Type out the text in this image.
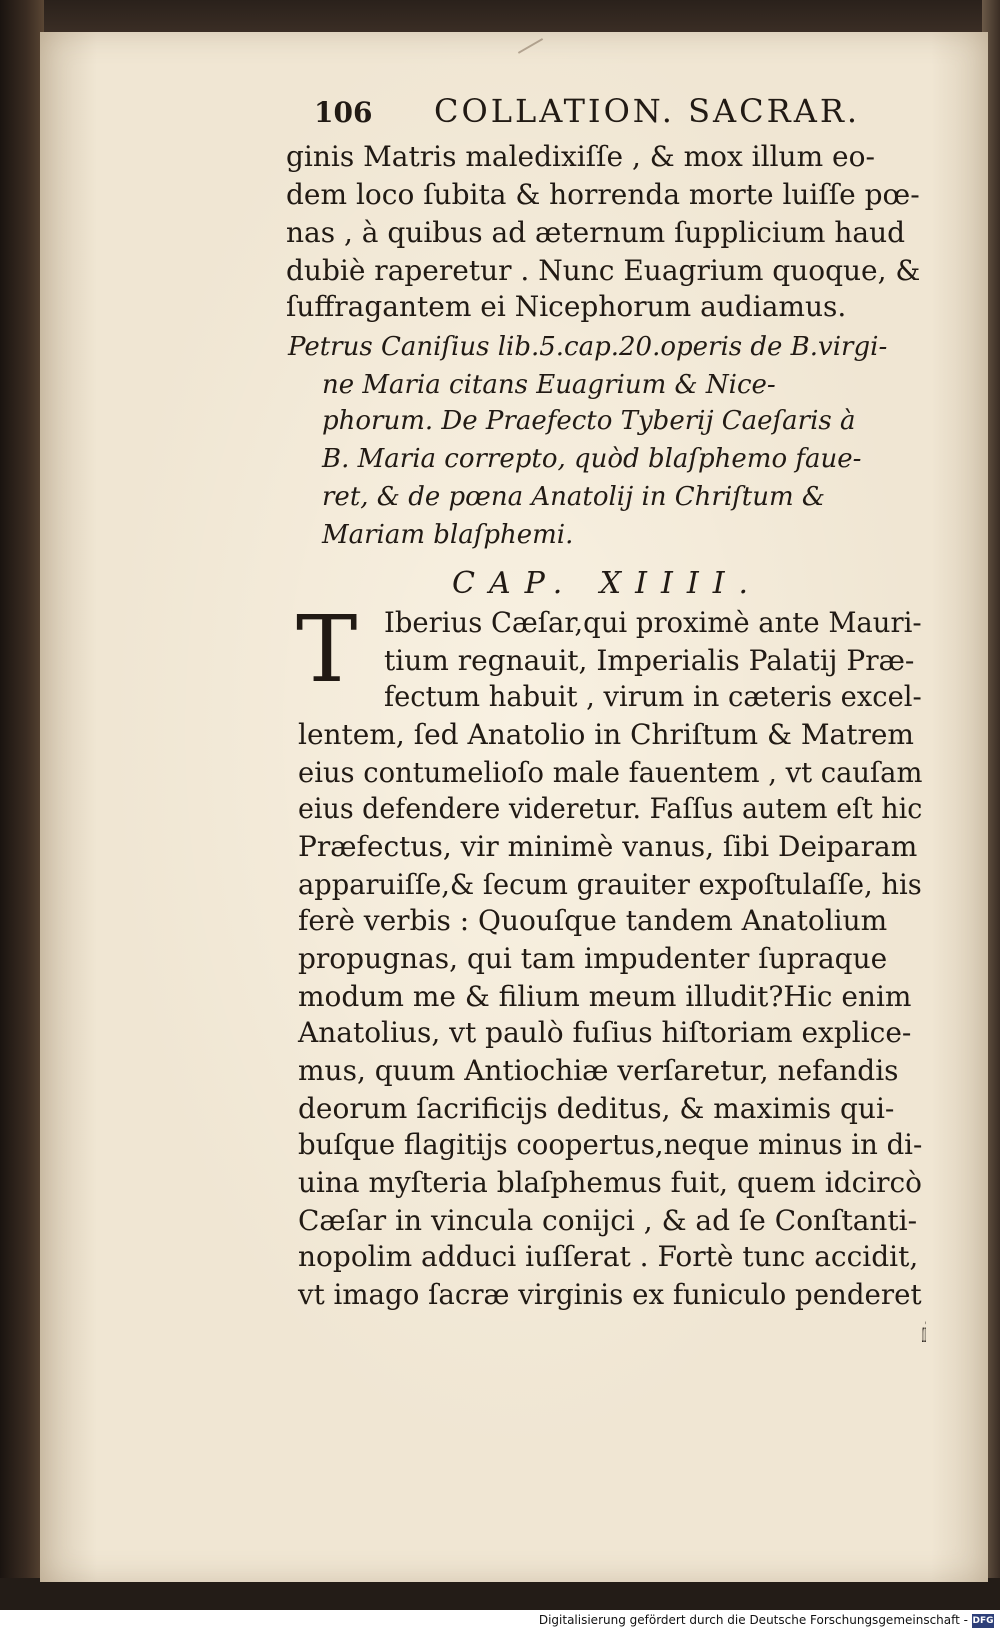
106 COLLATION. SACRAR.
ginis Matris maledixiſſe , & mox illum eo-
dem loco ſubita & horrenda morte luiſſe pœ-
nas , à quibus ad æternum ſupplicium haud
dubiè raperetur . Nunc Euagrium quoque, &
ſuffragantem ei Nicephorum audiamus.
Petrus Caniſius lib.5.cap.20.operis de B.virgi-
ne Maria citans Euagrium & Nice-
phorum. De Praefecto Tyberij Caeſaris à
B. Maria correpto, quòd blaſphemo faue-
ret, & de pœna Anatolij in Chriſtum &
Mariam blaſphemi.
CAP. XIIII.
T Iberius Cæſar,qui proximè ante Mauri-
tium regnauit, Imperialis Palatij Præ-
fectum habuit , virum in cæteris excel-
lentem, ſed Anatolio in Chriſtum & Matrem
eius contumelioſo male fauentem , vt cauſam
eius defendere videretur. Faſſus autem eſt hic
Præfectus, vir minimè vanus, ſibi Deiparam
apparuiſſe,& ſecum grauiter expoſtulaſſe, his
ferè verbis : Quouſque tandem Anatolium
propugnas, qui tam impudenter ſupraque
modum me & filium meum illudit?Hic enim
Anatolius, vt paulò fuſius hiſtoriam explice-
mus, quum Antiochiæ verſaretur, nefandis
deorum ſacrificijs deditus, & maximis qui-
buſque flagitijs coopertus,neque minus in di-
uina myſteria blaſphemus fuit, quem idcircò
Cæſar in vincula conijci , & ad ſe Conſtanti-
nopolim adduci iuſſerat . Fortè tunc accidit,
vt imago ſacræ virginis ex funiculo penderet
in
Digitalisierung gefördert durch die Deutsche Forschungsgemeinschaft - DFG
